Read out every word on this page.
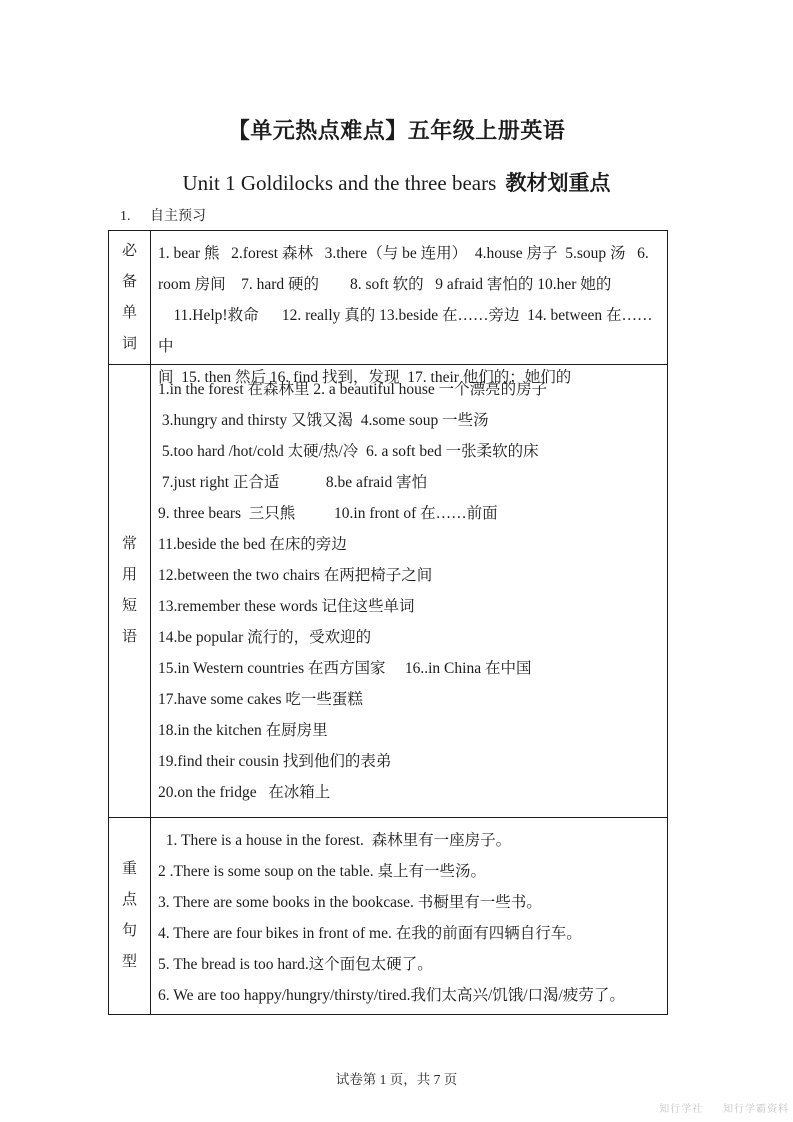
【单元热点难点】五年级上册英语
Unit 1 Goldilocks and the three bears 教材划重点
1. 自主预习
必
备
单
词
1. bear 熊   2.forest 森林   3.there（与 be 连用）  4.house 房子  5.soup 汤   6.
room 房间    7. hard 硬的        8. soft 软的   9 afraid 害怕的 10.her 她的
11.Help!救命      12. really 真的 13.beside 在……旁边  14. between 在……中
间  15. then 然后 16. find 找到，发现  17. their 他们的；她们的
常
用
短
语
1.in the forest 在森林里 2. a beautiful house 一个漂亮的房子
3.hungry and thirsty 又饿又渴  4.some soup 一些汤
5.too hard /hot/cold 太硬/热/冷  6. a soft bed 一张柔软的床
7.just right 正合适            8.be afraid 害怕
9. three bears  三只熊          10.in front of 在……前面
11.beside the bed 在床的旁边
12.between the two chairs 在两把椅子之间
13.remember these words 记住这些单词
14.be popular 流行的，受欢迎的
15.in Western countries 在西方国家     16..in China 在中国
17.have some cakes 吃一些蛋糕
18.in the kitchen 在厨房里
19.find their cousin 找到他们的表弟
20.on the fridge   在冰箱上
重
点
句
型
1. There is a house in the forest.  森林里有一座房子。
2 .There is some soup on the table. 桌上有一些汤。
3. There are some books in the bookcase. 书橱里有一些书。
4. There are four bikes in front of me. 在我的前面有四辆自行车。
5. The bread is too hard.这个面包太硬了。
6. We are too happy/hungry/thirsty/tired.我们太高兴/饥饿/口渴/疲劳了。
试卷第 1 页，共 7 页
知行学社 知行学霸资料
